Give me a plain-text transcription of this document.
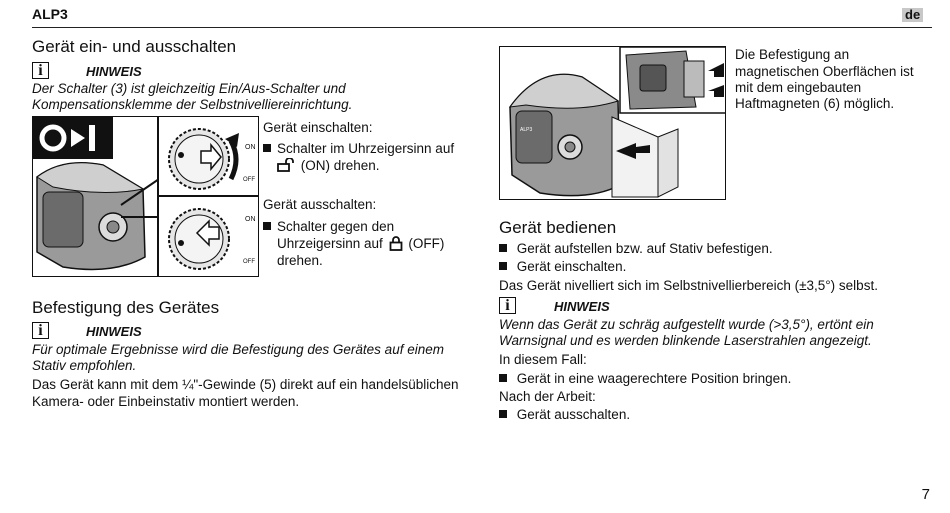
ALP3	de
Gerät ein- und ausschalten
i	HINWEIS
Der Schalter (3) ist gleichzeitig Ein/Aus-Schalter und
Kompensationsklemme der Selbstnivelliereinrichtung.
ON
OFF
ON
OFF
Gerät einschalten:
Schalter im Uhrzeigersinn auf
(ON) drehen.
Gerät ausschalten:
Schalter gegen den
Uhrzeigersinn auf (OFF)
drehen.
Befestigung des Gerätes
i	HINWEIS
Für optimale Ergebnisse wird die Befestigung des Gerätes auf einem
Stativ empfohlen.
Das Gerät kann mit dem ¼"-Gewinde (5) direkt auf ein handelsüblichen
Kamera- oder Einbeinstativ montiert werden.
ALP3
Die Befestigung an
magnetischen Oberflächen ist
mit dem eingebauten
Haftmagneten (6) möglich.
Gerät bedienen
Gerät aufstellen bzw. auf Stativ befestigen.
Gerät einschalten.
Das Gerät nivelliert sich im Selbstnivellierbereich (±3,5°) selbst.
i	HINWEIS
Wenn das Gerät zu schräg aufgestellt wurde (>3,5°), ertönt ein
Warnsignal und es werden blinkende Laserstrahlen angezeigt.
In diesem Fall:
Gerät in eine waagerechtere Position bringen.
Nach der Arbeit:
Gerät ausschalten.
7
